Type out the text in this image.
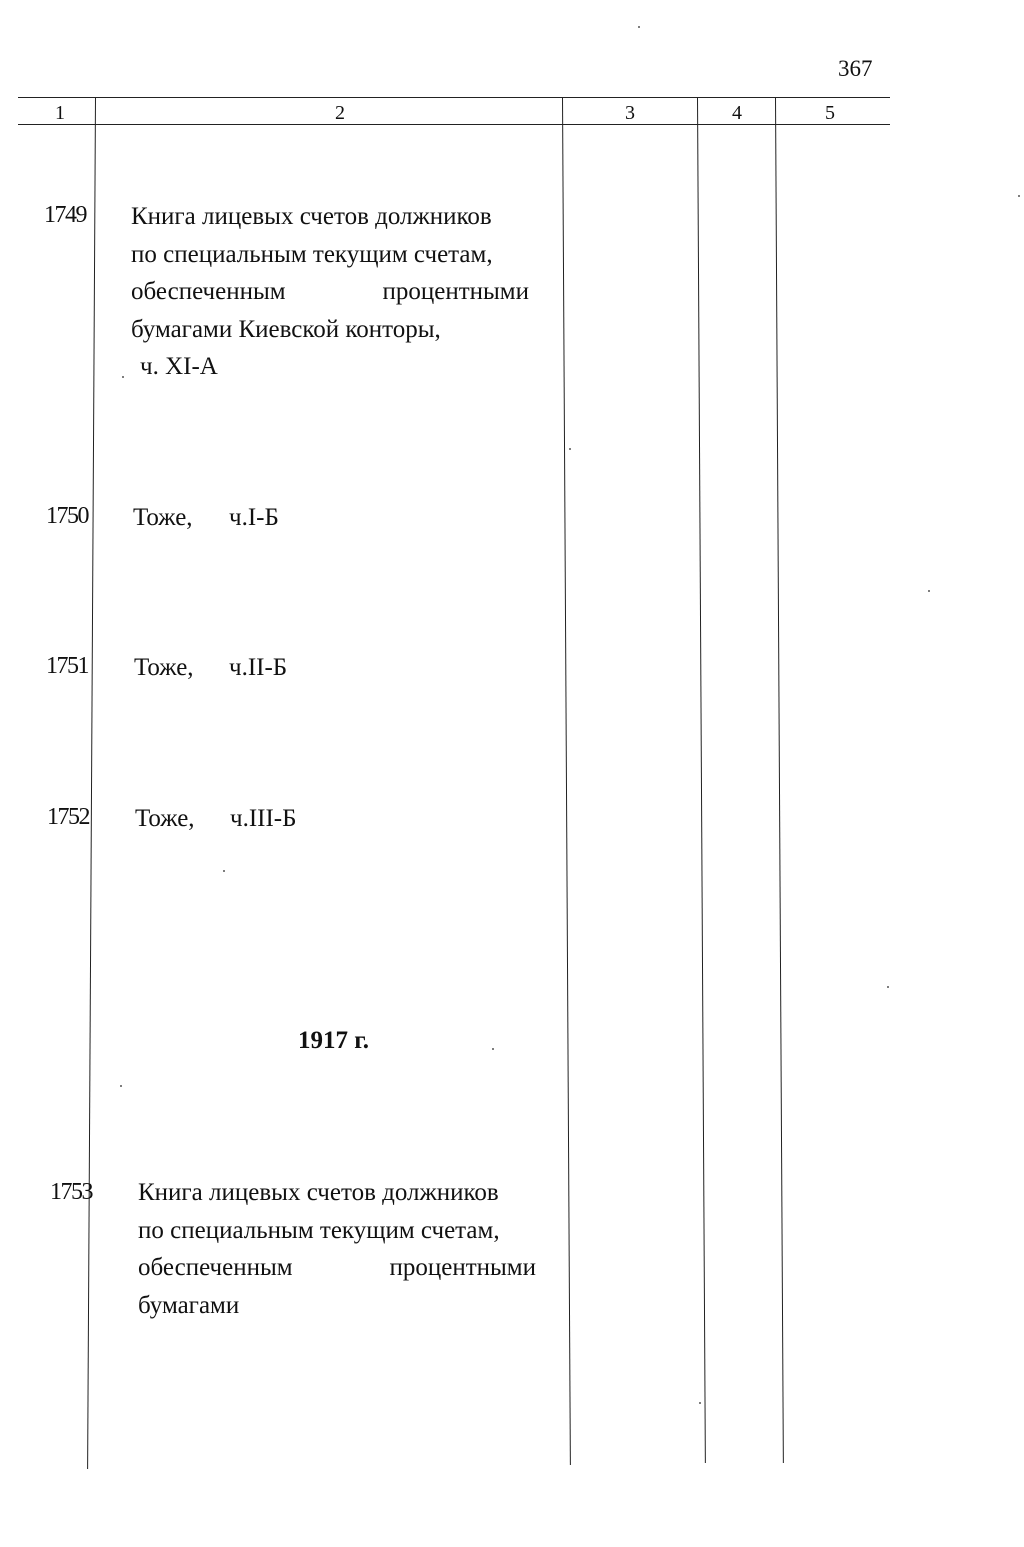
367
1	2	3	4	5
1749 Книга лицевых счетов должников
по специальным текущим счетам,
обеспеченным процентными
бумагами Киевской конторы,
ч. XI-А
1750 Тоже, ч.I-Б
1751 Тоже, ч.II-Б
1752 Тоже, ч.III-Б
1917 г.
1753 Книга лицевых счетов должников
по специальным текущим счетам,
обеспеченным процентными
бумагами
